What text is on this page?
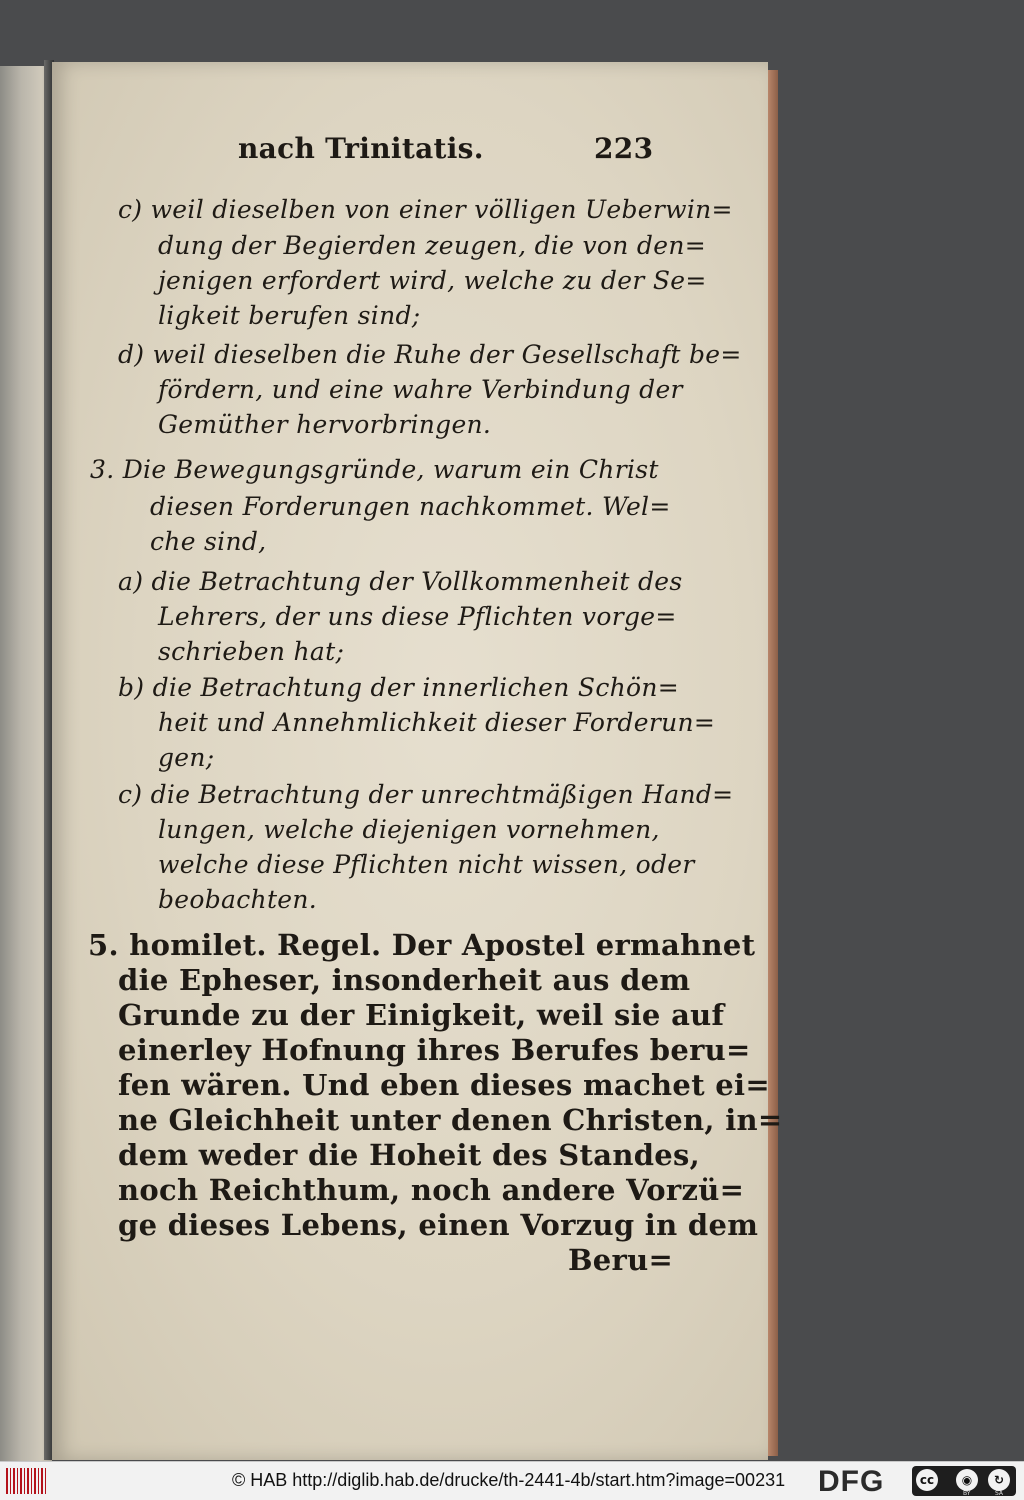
nach Trinitatis.	223
c) weil dieselben von einer völligen Ueberwin=
dung der Begierden zeugen, die von den=
jenigen erfordert wird, welche zu der Se=
ligkeit berufen sind;
d) weil dieselben die Ruhe der Gesellschaft be=
fördern, und eine wahre Verbindung der
Gemüther hervorbringen.
3. Die Bewegungsgründe, warum ein Christ
diesen Forderungen nachkommet. Wel=
che sind,
a) die Betrachtung der Vollkommenheit des
Lehrers, der uns diese Pflichten vorge=
schrieben hat;
b) die Betrachtung der innerlichen Schön=
heit und Annehmlichkeit dieser Forderun=
gen;
c) die Betrachtung der unrechtmäßigen Hand=
lungen, welche diejenigen vornehmen,
welche diese Pflichten nicht wissen, oder
beobachten.
5. homilet. Regel. Der Apostel ermahnet
die Epheser, insonderheit aus dem
Grunde zu der Einigkeit, weil sie auf
einerley Hofnung ihres Berufes beru=
fen wären. Und eben dieses machet ei=
ne Gleichheit unter denen Christen, in=
dem weder die Hoheit des Standes,
noch Reichthum, noch andere Vorzü=
ge dieses Lebens, einen Vorzug in dem
Beru=
© HAB http://diglib.hab.de/drucke/th-2441-4b/start.htm?image=00231 DFG	cc	◉	↻
BY	SA
